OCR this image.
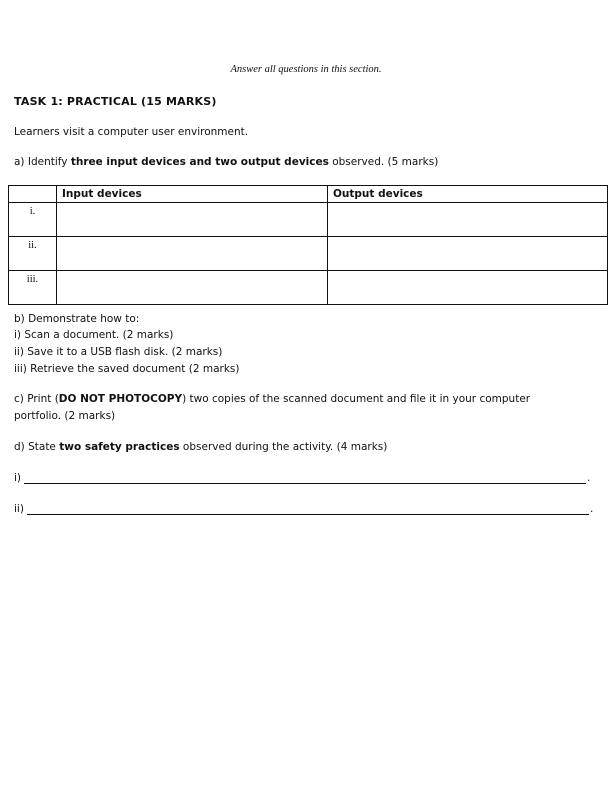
Answer all questions in this section.
TASK 1: PRACTICAL (15 MARKS)
Learners visit a computer user environment.
a) Identify three input devices and two output devices observed. (5 marks)
	Input devices	Output devices
i.		
ii.		
iii.		
b) Demonstrate how to:
i) Scan a document. (2 marks)
ii) Save it to a USB flash disk. (2 marks)
iii) Retrieve the saved document (2 marks)
c) Print (DO NOT PHOTOCOPY) two copies of the scanned document and file it in your computer
portfolio. (2 marks)
d) State two safety practices observed during the activity. (4 marks)
i)	.
ii)	.
